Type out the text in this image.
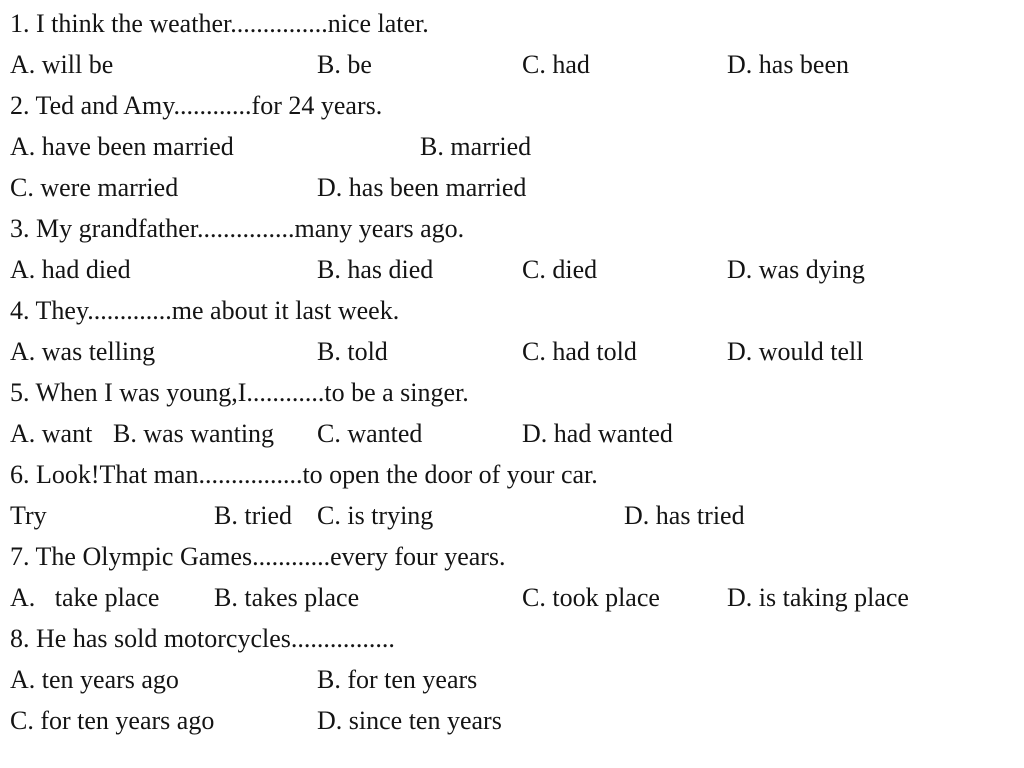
1. I think the weather...............nice later.
A. will be	B. be	C. had	D. has been
2. Ted and Amy............for 24 years.
A. have been married	B. married
C. were married	D. has been married
3. My grandfather...............many years ago.
A. had died	B. has died	C. died	D. was dying
4. They.............me about it last week.
A. was telling	B. told	C. had told	D. would tell
5. When I was young,I............to be a singer.
A. want B. was wanting C. wanted	D. had wanted
6. Look!That man................to open the door of your car.
Try	B. tried C. is trying	D. has tried
7. The Olympic Games............every four years.
A.   take place B. takes place	C. took place	D. is taking place
8. He has sold motorcycles................
A. ten years ago	B. for ten years
C. for ten years ago	D. since ten years
